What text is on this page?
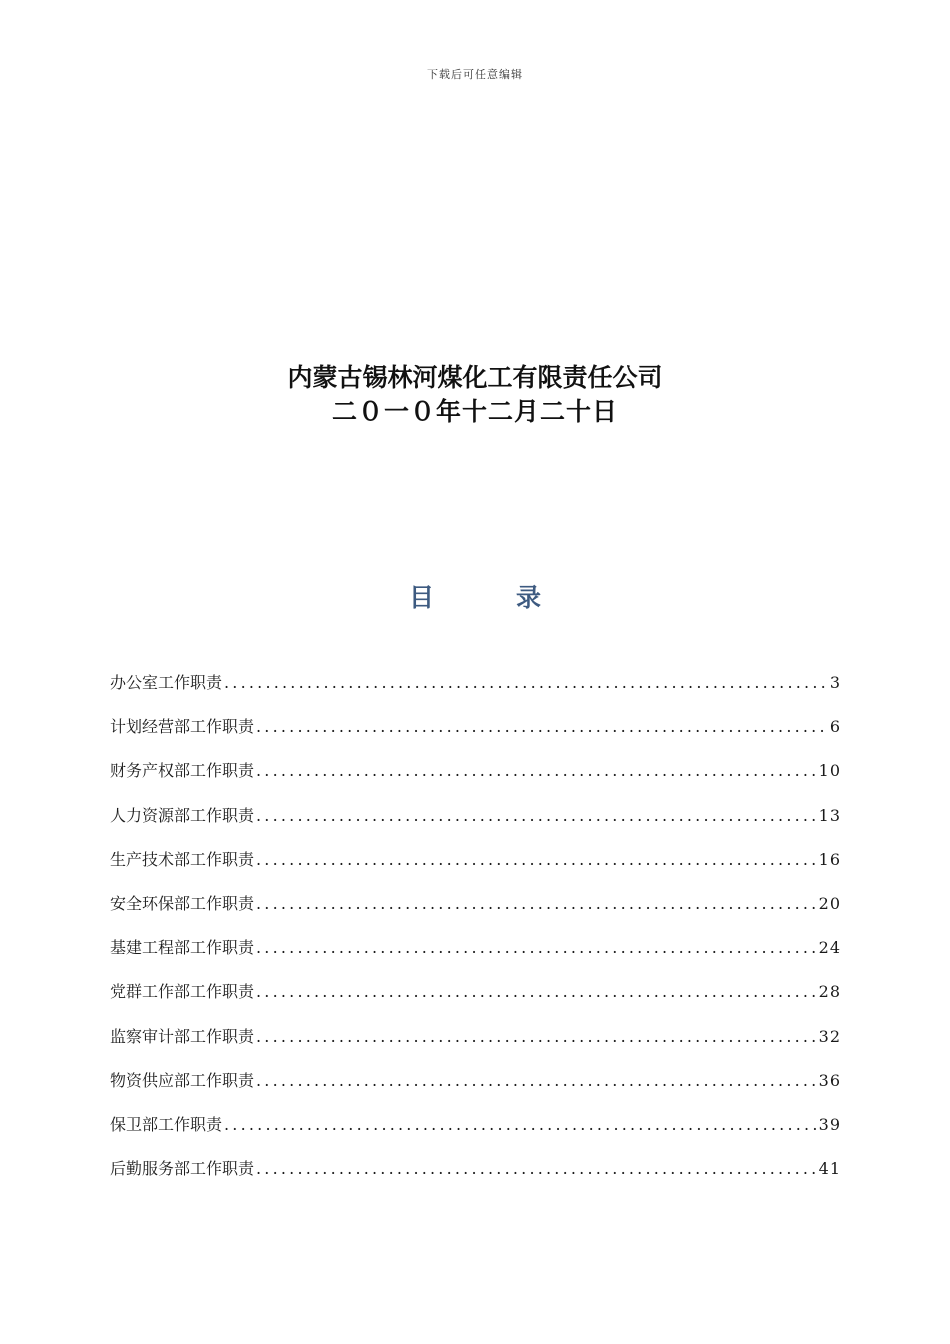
下载后可任意编辑
内蒙古锡林河煤化工有限责任公司
二０一０年十二月二十日
目	录
办公室工作职责 .....	3
计划经营部工作职责 .....	6
财务产权部工作职责 .....	10
人力资源部工作职责 .....	13
生产技术部工作职责 .....	16
安全环保部工作职责 .....	20
基建工程部工作职责 .....	24
党群工作部工作职责 .....	28
监察审计部工作职责 .....	32
物资供应部工作职责 .....	36
保卫部工作职责 .....	39
后勤服务部工作职责 .....	41
